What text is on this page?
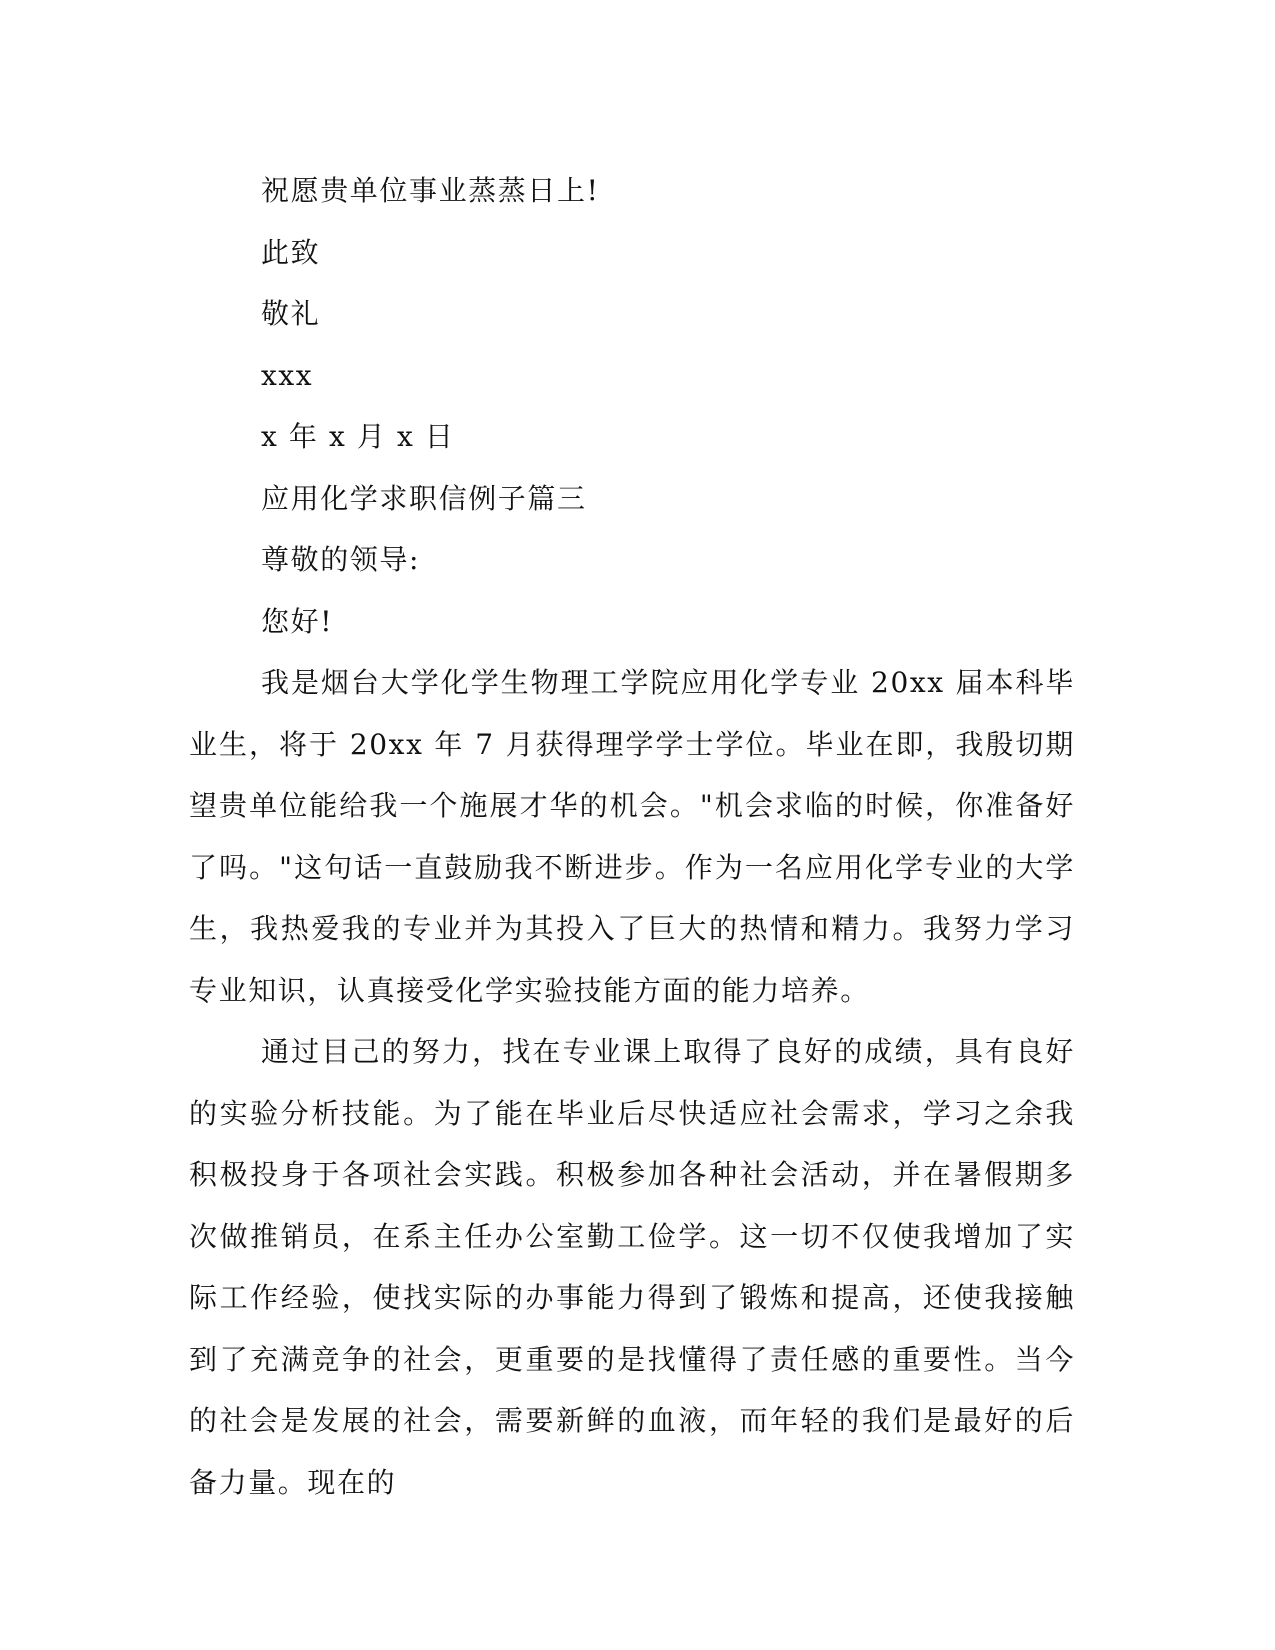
祝愿贵单位事业蒸蒸日上!
此致
敬礼
xxx
x 年 x 月 x 日
应用化学求职信例子篇三
尊敬的领导:
您好!

我是烟台大学化学生物理工学院应用化学专业 20xx 届本科毕业生，将于 20xx 年 7 月获得理学学士学位。毕业在即，我殷切期望贵单位能给我一个施展才华的机会。"机会求临的时候，你准备好了吗。"这句话一直鼓励我不断进步。作为一名应用化学专业的大学生，我热爱我的专业并为其投入了巨大的热情和精力。我努力学习专业知识，认真接受化学实验技能方面的能力培养。

通过目己的努力，找在专业课上取得了良好的成绩，具有良好的实验分析技能。为了能在毕业后尽快适应社会需求，学习之余我积极投身于各项社会实践。积极参加各种社会活动，并在暑假期多次做推销员，在系主任办公室勤工俭学。这一切不仅使我增加了实际工作经验，使找实际的办事能力得到了锻炼和提高，还使我接触到了充满竞争的社会，更重要的是找懂得了责任感的重要性。当今的社会是发展的社会，需要新鲜的血液，而年轻的我们是最好的后备力量。现在的
